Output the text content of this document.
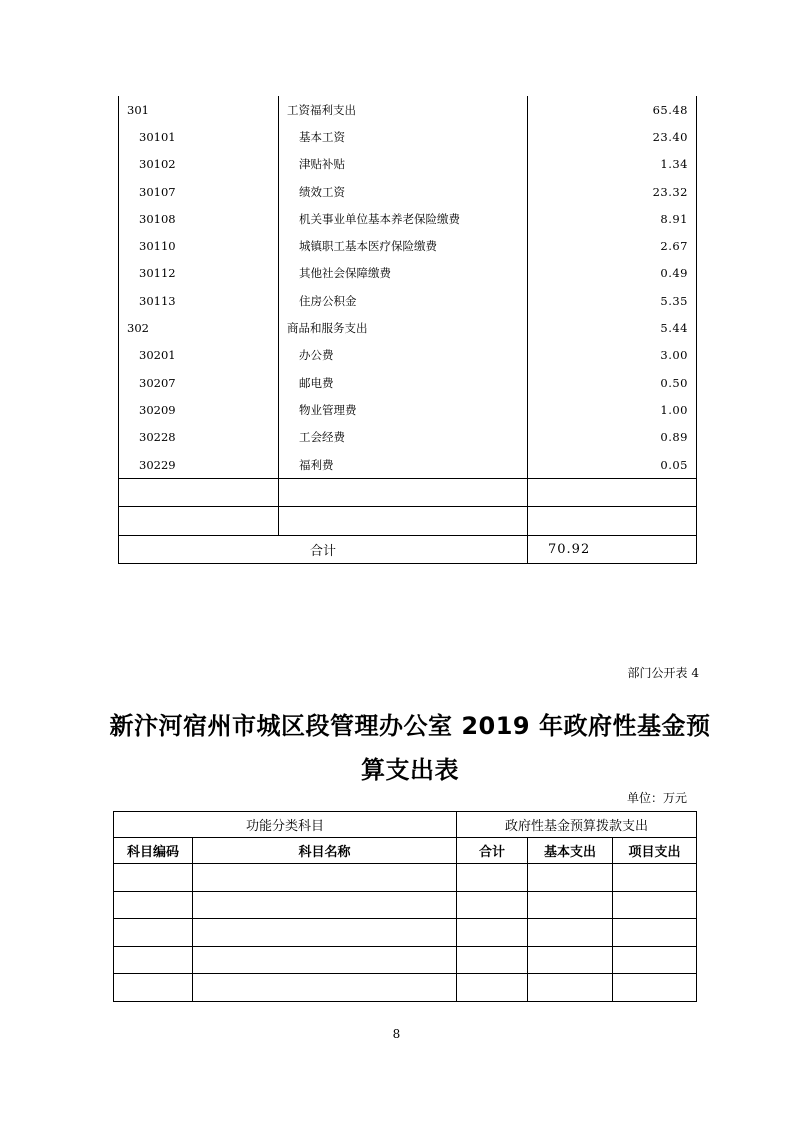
301	工资福利支出	65.48
30101	基本工资	23.40
30102	津贴补贴	1.34
30107	绩效工资	23.32
30108	机关事业单位基本养老保险缴费	8.91
30110	城镇职工基本医疗保险缴费	2.67
30112	其他社会保障缴费	0.49
30113	住房公积金	5.35
302	商品和服务支出	5.44
30201	办公费	3.00
30207	邮电费	0.50
30209	物业管理费	1.00
30228	工会经费	0.89
30229	福利费	0.05

合计		70.92
部门公开表 4
新汴河宿州市城区段管理办公室 2019 年政府性基金预
算支出表
单位：万元
功能分类科目		政府性基金预算拨款支出		
科目编码	科目名称	合计	基本支出	项目支出

8
